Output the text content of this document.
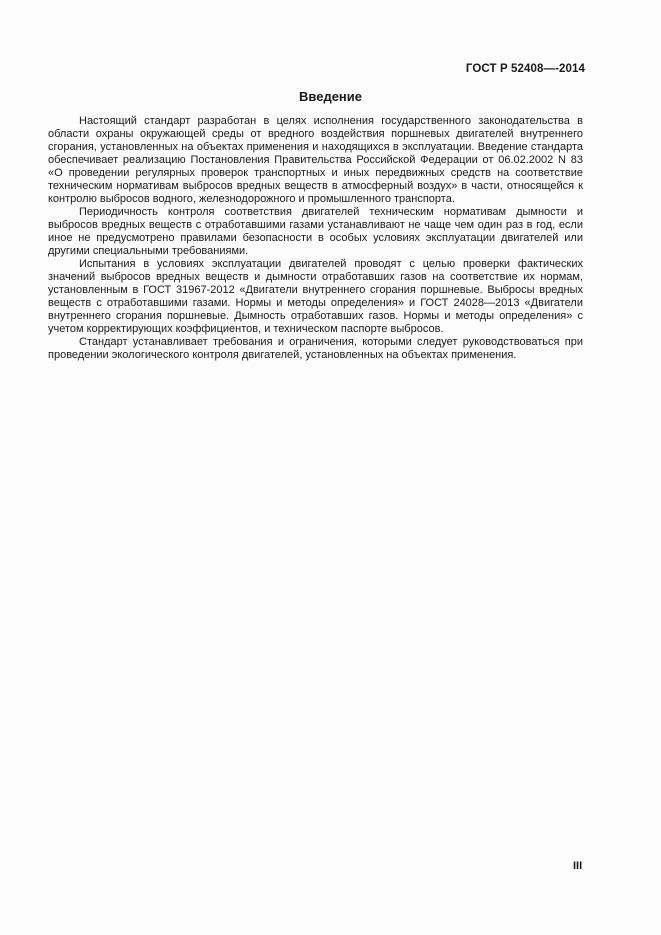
ГОСТ Р 52408—-2014
Введение

Настоящий стандарт разработан в целях исполнения государственного законодательства в области охраны окружающей среды от вредного воздействия поршневых двигателей внутреннего сгорания, установленных на объектах применения и находящихся в эксплуатации. Введение стандарта обеспечивает реализацию Постановления Правительства Российской Федерации от 06.02.2002 N 83 «О проведении регулярных проверок транспортных и иных передвижных средств на соответствие техническим нормативам выбросов вредных веществ в атмосферный воздух» в части, относящейся к контролю выбросов водного, железнодорожного и промышленного транспорта.

Периодичность контроля соответствия двигателей техническим нормативам дымности и выбросов вредных веществ с отработавшими газами устанавливают не чаще чем один раз в год, если иное не предусмотрено правилами безопасности в особых условиях эксплуатации двигателей или другими специальными требованиями.

Испытания в условиях эксплуатации двигателей проводят с целью проверки фактических значений выбросов вредных веществ и дымности отработавших газов на соответствие их нормам, установленным в ГОСТ 31967-2012 «Двигатели внутреннего сгорания поршневые. Выбросы вредных веществ с отработавшими газами. Нормы и методы определения» и ГОСТ 24028—2013 «Двигатели внутреннего сгорания поршневые. Дымность отработавших газов. Нормы и методы определения» с учетом корректирующих коэффициентов, и техническом паспорте выбросов.

Стандарт устанавливает требования и ограничения, которыми следует руководствоваться при проведении экологического контроля двигателей, установленных на объектах применения.

III
